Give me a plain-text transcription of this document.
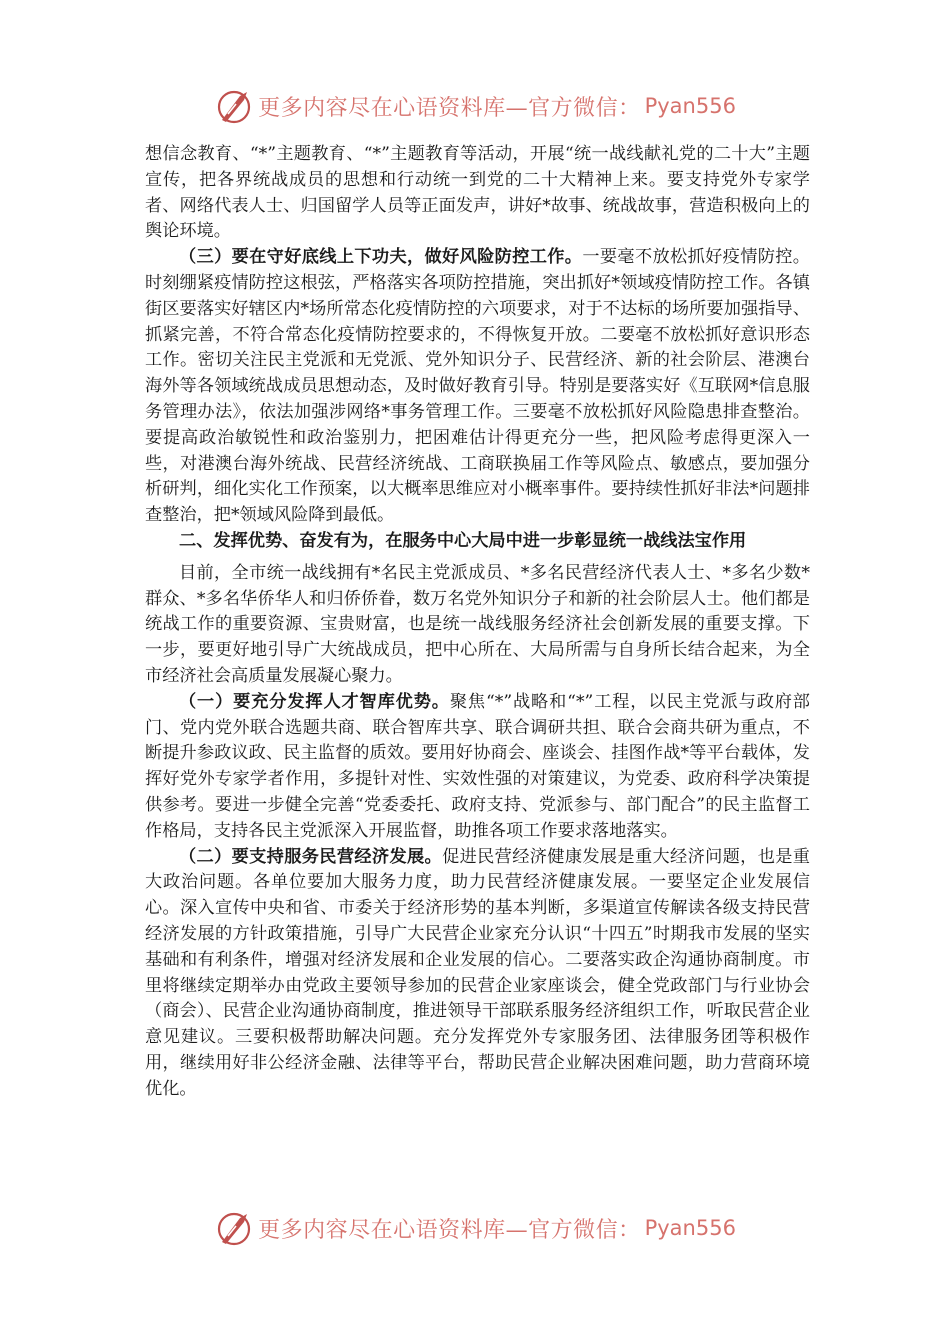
更多内容尽在心语资料库—官方微信： Pyan556

想信念教育、“*”主题教育、“*”主题教育等活动，开展“统一战线献礼党的二十大”主题宣传，把各界统战成员的思想和行动统一到党的二十大精神上来。要支持党外专家学者、网络代表人士、归国留学人员等正面发声，讲好*故事、统战故事，营造积极向上的舆论环境。

（三）要在守好底线上下功夫，做好风险防控工作。一要毫不放松抓好疫情防控。时刻绷紧疫情防控这根弦，严格落实各项防控措施，突出抓好*领域疫情防控工作。各镇街区要落实好辖区内*场所常态化疫情防控的六项要求，对于不达标的场所要加强指导、抓紧完善，不符合常态化疫情防控要求的，不得恢复开放。二要毫不放松抓好意识形态工作。密切关注民主党派和无党派、党外知识分子、民营经济、新的社会阶层、港澳台海外等各领域统战成员思想动态，及时做好教育引导。特别是要落实好《互联网*信息服务管理办法》，依法加强涉网络*事务管理工作。三要毫不放松抓好风险隐患排查整治。要提高政治敏锐性和政治鉴别力，把困难估计得更充分一些，把风险考虑得更深入一些，对港澳台海外统战、民营经济统战、工商联换届工作等风险点、敏感点，要加强分析研判，细化实化工作预案，以大概率思维应对小概率事件。要持续性抓好非法*问题排查整治，把*领域风险降到最低。

二、发挥优势、奋发有为，在服务中心大局中进一步彰显统一战线法宝作用

目前，全市统一战线拥有*名民主党派成员、*多名民营经济代表人士、*多名少数*群众、*多名华侨华人和归侨侨眷，数万名党外知识分子和新的社会阶层人士。他们都是统战工作的重要资源、宝贵财富，也是统一战线服务经济社会创新发展的重要支撑。下一步，要更好地引导广大统战成员，把中心所在、大局所需与自身所长结合起来，为全市经济社会高质量发展凝心聚力。

（一）要充分发挥人才智库优势。聚焦“*”战略和“*”工程，以民主党派与政府部门、党内党外联合选题共商、联合智库共享、联合调研共担、联合会商共研为重点，不断提升参政议政、民主监督的质效。要用好协商会、座谈会、挂图作战*等平台载体，发挥好党外专家学者作用，多提针对性、实效性强的对策建议，为党委、政府科学决策提供参考。要进一步健全完善“党委委托、政府支持、党派参与、部门配合”的民主监督工作格局，支持各民主党派深入开展监督，助推各项工作要求落地落实。

（二）要支持服务民营经济发展。促进民营经济健康发展是重大经济问题，也是重大政治问题。各单位要加大服务力度，助力民营经济健康发展。一要坚定企业发展信心。深入宣传中央和省、市委关于经济形势的基本判断，多渠道宣传解读各级支持民营经济发展的方针政策措施，引导广大民营企业家充分认识“十四五”时期我市发展的坚实基础和有利条件，增强对经济发展和企业发展的信心。二要落实政企沟通协商制度。市里将继续定期举办由党政主要领导参加的民营企业家座谈会，健全党政部门与行业协会（商会）、民营企业沟通协商制度，推进领导干部联系服务经济组织工作，听取民营企业意见建议。三要积极帮助解决问题。充分发挥党外专家服务团、法律服务团等积极作用，继续用好非公经济金融、法律等平台，帮助民营企业解决困难问题，助力营商环境优化。

更多内容尽在心语资料库—官方微信： Pyan556
